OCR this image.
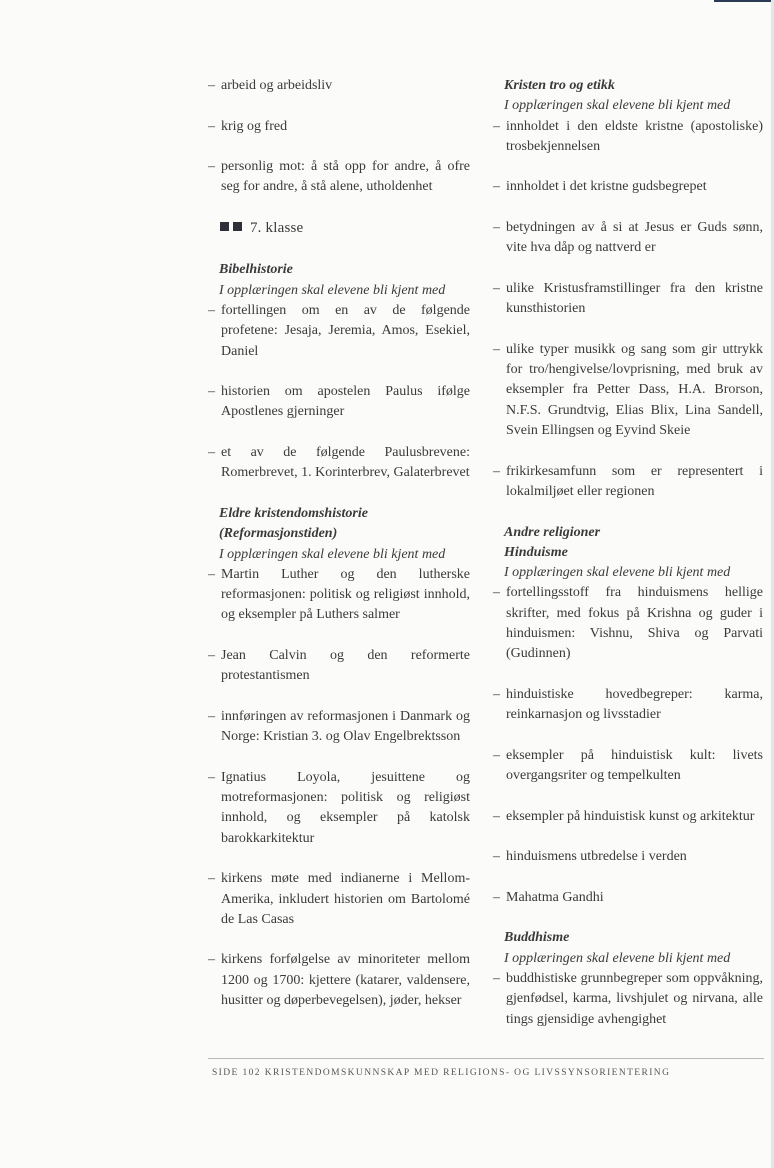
– arbeid og arbeidsliv
– krig og fred
– personlig mot: å stå opp for andre, å ofre seg for andre, å stå alene, utholdenhet
7. klasse
Bibelhistorie
I opplæringen skal elevene bli kjent med
– fortellingen om en av de følgende profetene: Jesaja, Jeremia, Amos, Esekiel, Daniel
– historien om apostelen Paulus ifølge Apostlenes gjerninger
– et av de følgende Paulusbrevene: Romerbrevet, 1. Korinterbrev, Galaterbrevet
Eldre kristendomshistorie
(Reformasjonstiden)
I opplæringen skal elevene bli kjent med
– Martin Luther og den lutherske reformasjonen: politisk og religiøst innhold, og eksempler på Luthers salmer
– Jean Calvin og den reformerte protestantismen
– innføringen av reformasjonen i Danmark og Norge: Kristian 3. og Olav Engelbrektsson
– Ignatius Loyola, jesuittene og motreformasjonen: politisk og religiøst innhold, og eksempler på katolsk barokkarkitektur
– kirkens møte med indianerne i Mellom-Amerika, inkludert historien om Bartolomé de Las Casas
– kirkens forfølgelse av minoriteter mellom 1200 og 1700: kjettere (katarer, valdensere, husitter og døperbevegelsen), jøder, hekser
Kristen tro og etikk
I opplæringen skal elevene bli kjent med
– innholdet i den eldste kristne (apostoliske) trosbekjennelsen
– innholdet i det kristne gudsbegrepet
– betydningen av å si at Jesus er Guds sønn, vite hva dåp og nattverd er
– ulike Kristusframstillinger fra den kristne kunsthistorien
– ulike typer musikk og sang som gir uttrykk for tro/hengivelse/lovprisning, med bruk av eksempler fra Petter Dass, H.A. Brorson, N.F.S. Grundtvig, Elias Blix, Lina Sandell, Svein Ellingsen og Eyvind Skeie
– frikirkesamfunn som er representert i lokalmiljøet eller regionen
Andre religioner
Hinduisme
I opplæringen skal elevene bli kjent med
– fortellingsstoff fra hinduismens hellige skrifter, med fokus på Krishna og guder i hinduismen: Vishnu, Shiva og Parvati (Gudinnen)
– hinduistiske hovedbegreper: karma, reinkarnasjon og livsstadier
– eksempler på hinduistisk kult: livets overgangsriter og tempelkulten
– eksempler på hinduistisk kunst og arkitektur
– hinduismens utbredelse i verden
– Mahatma Gandhi
Buddhisme
I opplæringen skal elevene bli kjent med
– buddhistiske grunnbegreper som oppvåkning, gjenfødsel, karma, livshjulet og nirvana, alle tings gjensidige avhengighet
SIDE 102 KRISTENDOMSKUNNSKAP MED RELIGIONS- OG LIVSSYNSORIENTERING
